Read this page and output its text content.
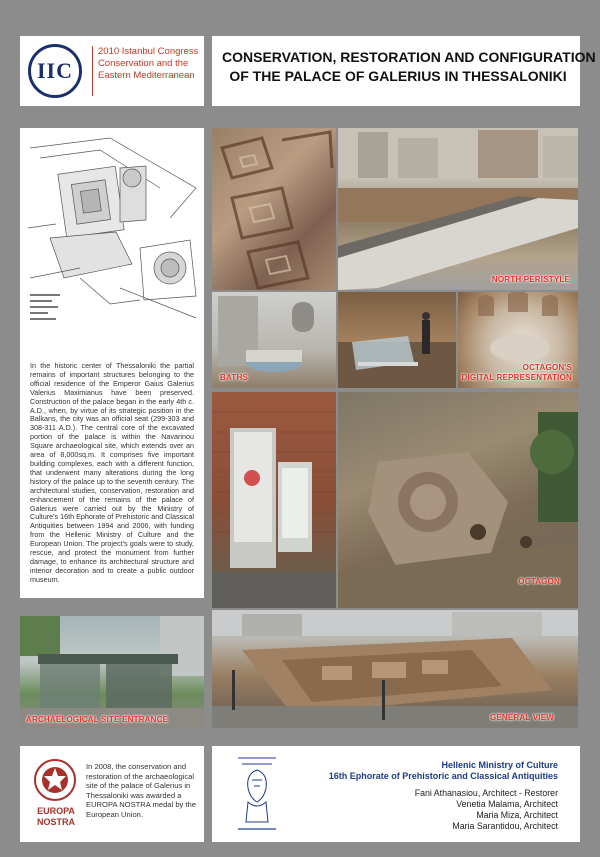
IIC
2010 Istanbul Congress
Conservation and the
Eastern Mediterranean
CONSERVATION, RESTORATION AND CONFIGURATION
OF THE PALACE OF GALERIUS IN THESSALONIKI
In the historic center of Thessaloniki the partial remains of important structures belonging to the official residence of the Emperor Gaius Galerius Valerius Maximianus have been preserved. Construction of the palace began in the early 4th c. A.D., when, by virtue of its strategic position in the Balkans, the city was an official seat (299-303 and 308-311 A.D.). The central core of the excavated portion of the palace is within the Navarinou Square archaeological site, which extends over an area of 8,000sq.m. It comprises five important building complexes, each with a different function, that underwent many alterations during the long history of the palace up to the seventh century. The architectural studies, conservation, restoration and enhancement of the remains of the palace of Galerius were carried out by the Ministry of Culture's 16th Ephorate of Prehistoric and Classical Antiquities between 1994 and 2006, with funding from the Hellenic Ministry of Culture and the European Union. The project's goals were to study, rescue, and protect the monument from further damage, to enhance its architectural structure and interior decoration and to create a public outdoor museum.
NORTH PERISTYLE
BATHS
OCTAGON'S
DIGITAL REPRESENTATION
OCTAGON
ARCHAELOGICAL SITE ENTRANCE	GENERAL VIEW
EUROPA
NOSTRA
In 2008, the conservation and restoration of the archaeological site of the palace of Galerius in Thessaloniki was awarded a EUROPA NOSTRA medal by the European Union.
Hellenic Ministry of Culture
16th Ephorate of Prehistoric and Classical Antiquities
Fani Athanasiou, Architect - Restorer
Venetia Malama, Architect
Maria Miza, Architect
Maria Sarantidou, Architect
